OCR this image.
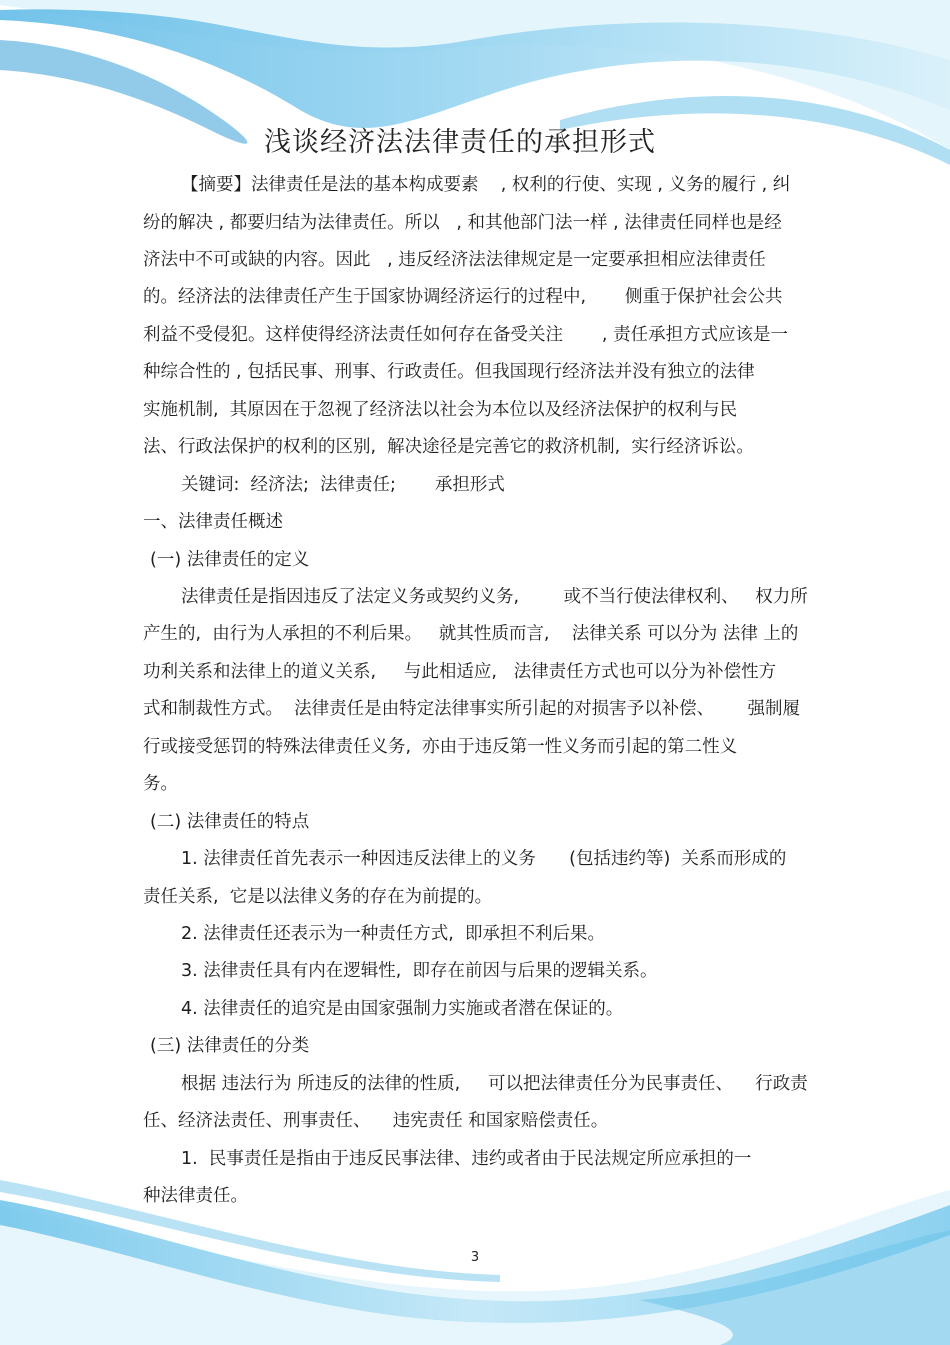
浅谈经济法法律责任的承担形式
【摘要】法律责任是法的基本构成要素    , 权利的行使、实现 , 义务的履行 , 纠
纷的解决 , 都要归结为法律责任。所以   , 和其他部门法一样 , 法律责任同样也是经
济法中不可或缺的内容。因此   , 违反经济法法律规定是一定要承担相应法律责任
的。经济法的法律责任产生于国家协调经济运行的过程中,       侧重于保护社会公共
利益不受侵犯。这样使得经济法责任如何存在备受关注       , 责任承担方式应该是一
种综合性的 , 包括民事、刑事、行政责任。但我国现行经济法并没有独立的法律
实施机制,  其原因在于忽视了经济法以社会为本位以及经济法保护的权利与民
法、行政法保护的权利的区别,  解决途径是完善它的救济机制,  实行经济诉讼。
关键词:  经济法;  法律责任;       承担形式
一、法律责任概述
(一) 法律责任的定义
法律责任是指因违反了法定义务或契约义务,        或不当行使法律权利、   权力所
产生的,  由行为人承担的不利后果。   就其性质而言,    法律关系 可以分为 法律 上的
功利关系和法律上的道义关系,     与此相适应,   法律责任方式也可以分为补偿性方
式和制裁性方式。  法律责任是由特定法律事实所引起的对损害予以补偿、      强制履
行或接受惩罚的特殊法律责任义务,  亦由于违反第一性义务而引起的第二性义
务。
(二) 法律责任的特点
1. 法律责任首先表示一种因违反法律上的义务      (包括违约等)  关系而形成的
责任关系,  它是以法律义务的存在为前提的。
2. 法律责任还表示为一种责任方式,  即承担不利后果。
3. 法律责任具有内在逻辑性,  即存在前因与后果的逻辑关系。
4. 法律责任的追究是由国家强制力实施或者潜在保证的。
(三) 法律责任的分类
根据 违法行为 所违反的法律的性质,     可以把法律责任分为民事责任、    行政责
任、经济法责任、刑事责任、    违宪责任 和国家赔偿责任。
1.  民事责任是指由于违反民事法律、违约或者由于民法规定所应承担的一
种法律责任。
3
